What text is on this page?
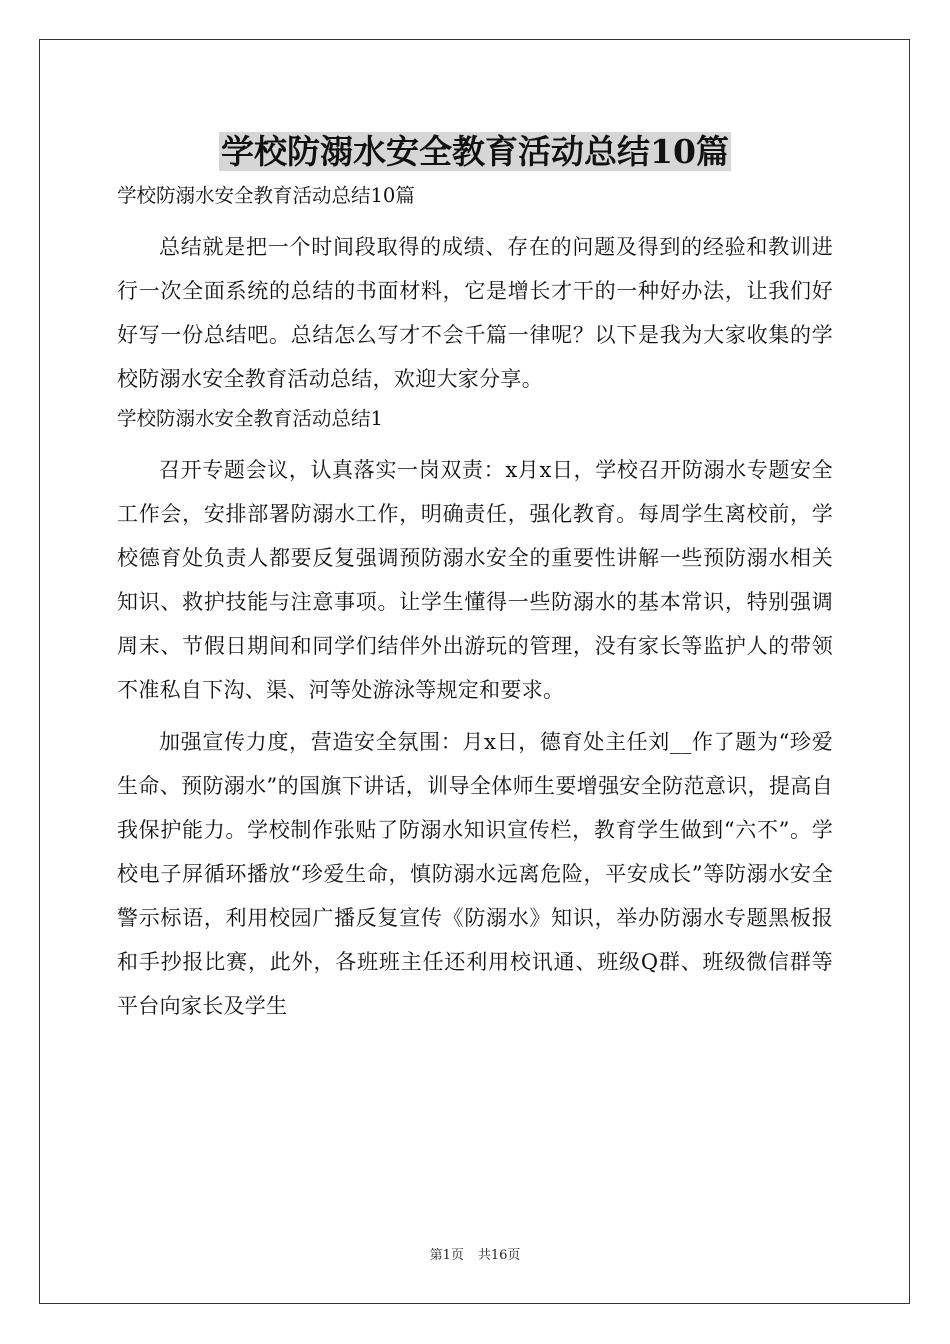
学校防溺水安全教育活动总结10篇
学校防溺水安全教育活动总结10篇

总结就是把一个时间段取得的成绩、存在的问题及得到的经验和教训进行一次全面系统的总结的书面材料，它是增长才干的一种好办法，让我们好好写一份总结吧。总结怎么写才不会千篇一律呢？以下是我为大家收集的学校防溺水安全教育活动总结，欢迎大家分享。

学校防溺水安全教育活动总结1

召开专题会议，认真落实一岗双责：x月x日，学校召开防溺水专题安全工作会，安排部署防溺水工作，明确责任，强化教育。每周学生离校前，学校德育处负责人都要反复强调预防溺水安全的重要性讲解一些预防溺水相关知识、救护技能与注意事项。让学生懂得一些防溺水的基本常识，特别强调周末、节假日期间和同学们结伴外出游玩的管理，没有家长等监护人的带领不准私自下沟、渠、河等处游泳等规定和要求。

加强宣传力度，营造安全氛围：月x日，德育处主任刘__作了题为“珍爱生命、预防溺水”的国旗下讲话，训导全体师生要增强安全防范意识，提高自我保护能力。学校制作张贴了防溺水知识宣传栏，教育学生做到“六不”。学校电子屏循环播放“珍爱生命，慎防溺水远离危险，平安成长”等防溺水安全警示标语，利用校园广播反复宣传《防溺水》知识，举办防溺水专题黑板报和手抄报比赛，此外，各班班主任还利用校讯通、班级Q群、班级微信群等平台向家长及学生

第1页 共16页
